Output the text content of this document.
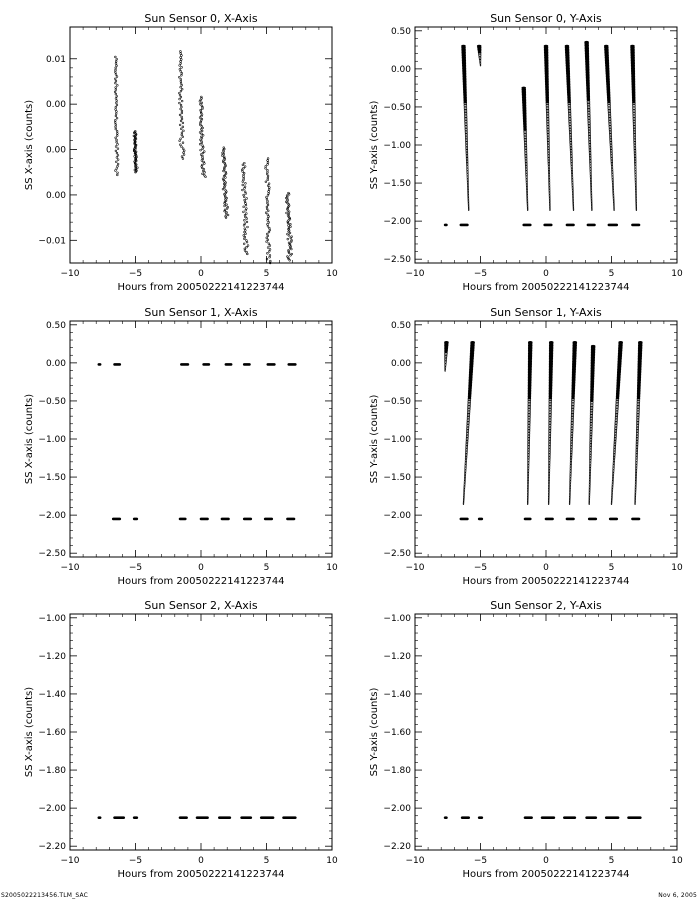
Sun Sensor 0, X-Axis
−10	−5	0	5	10
−0.01
0.00
0.00
0.00
0.01
Hours from 20050222141223744
SS X-axis (counts)
Sun Sensor 0, Y-Axis
−10	−5	0	5	10
−2.50
−2.00
−1.50
−1.00
−0.50
0.00
0.50
Hours from 20050222141223744
SS Y-axis (counts)
Sun Sensor 1, X-Axis
−10	−5	0	5	10
−2.50
−2.00
−1.50
−1.00
−0.50
0.00
0.50
Hours from 20050222141223744
SS X-axis (counts)
Sun Sensor 1, Y-Axis
−10	−5	0	5	10
−2.50
−2.00
−1.50
−1.00
−0.50
0.00
0.50
Hours from 20050222141223744
SS Y-axis (counts)
Sun Sensor 2, X-Axis
−10	−5	0	5	10
−2.20
−2.00
−1.80
−1.60
−1.40
−1.20
−1.00
Hours from 20050222141223744
SS X-axis (counts)
Sun Sensor 2, Y-Axis
−10	−5	0	5	10
−2.20
−2.00
−1.80
−1.60
−1.40
−1.20
−1.00
Hours from 20050222141223744
SS Y-axis (counts)
S2005022213456.TLM_SAC	Nov 6, 2005
